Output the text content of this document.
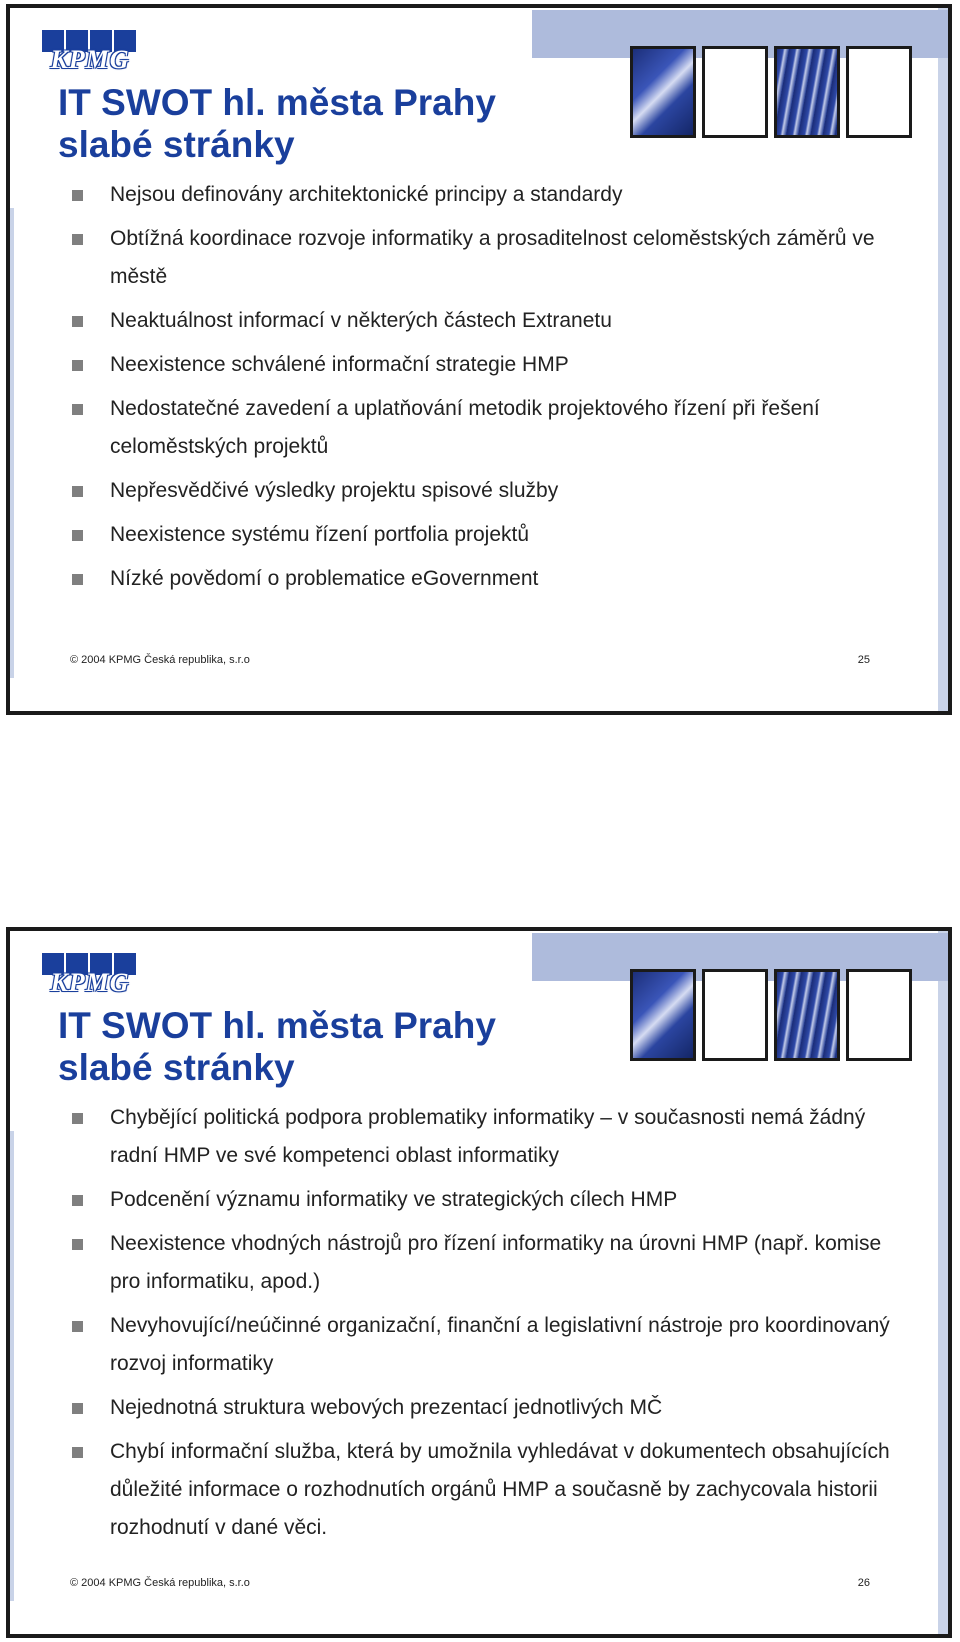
KPMG
IT SWOT hl. města Prahy
slabé stránky
Nejsou definovány architektonické principy a standardy
Obtížná koordinace rozvoje informatiky a prosaditelnost celoměstských záměrů ve městě
Neaktuálnost informací v některých částech Extranetu
Neexistence schválené informační strategie HMP
Nedostatečné zavedení a uplatňování metodik projektového řízení při řešení celoměstských projektů
Nepřesvědčivé výsledky projektu spisové služby
Neexistence systému řízení portfolia projektů
Nízké povědomí o problematice eGovernment
© 2004 KPMG Česká republika, s.r.o	25
KPMG
IT SWOT hl. města Prahy
slabé stránky
Chybějící politická podpora problematiky informatiky – v současnosti nemá žádný radní HMP ve své kompetenci oblast informatiky
Podcenění významu informatiky ve strategických cílech HMP
Neexistence vhodných nástrojů pro řízení informatiky na úrovni HMP (např. komise pro informatiku, apod.)
Nevyhovující/neúčinné organizační, finanční a legislativní nástroje pro koordinovaný rozvoj informatiky
Nejednotná struktura webových prezentací jednotlivých MČ
Chybí informační služba, která by umožnila vyhledávat v dokumentech obsahujících důležité informace o rozhodnutích orgánů HMP a současně by zachycovala historii rozhodnutí v dané věci.
© 2004 KPMG Česká republika, s.r.o	26
